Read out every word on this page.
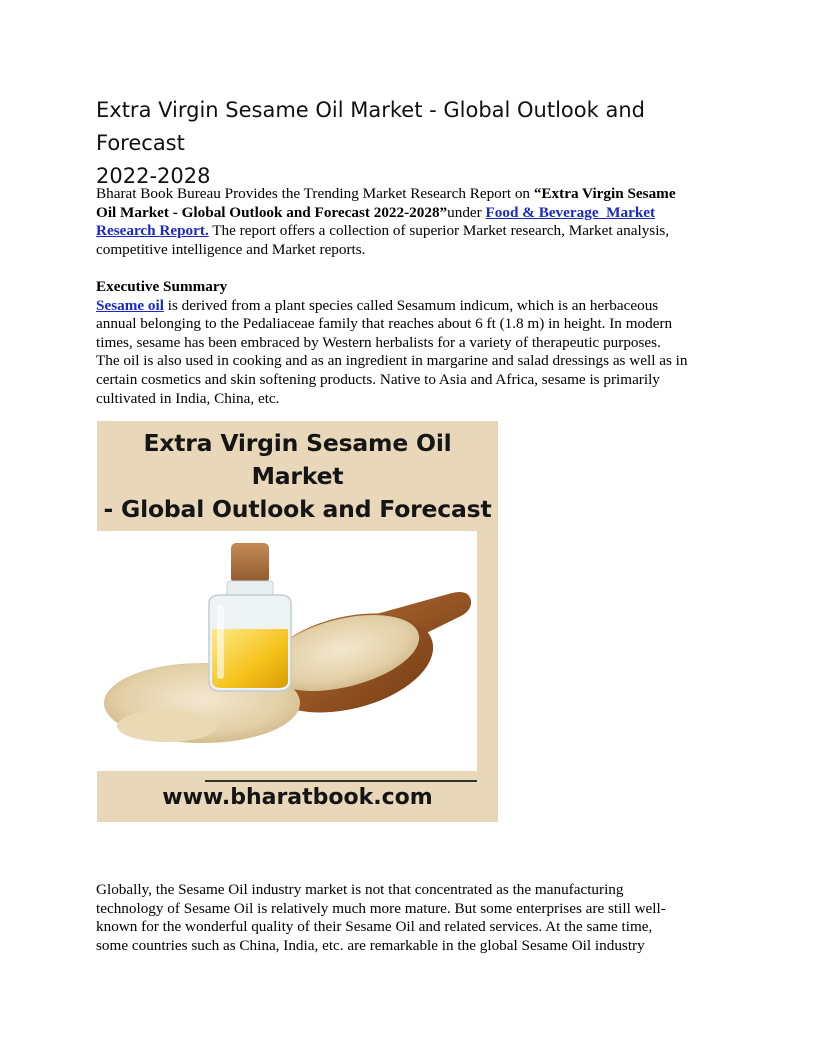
Extra Virgin Sesame Oil Market - Global Outlook and Forecast
2022-2028

Bharat Book Bureau Provides the Trending Market Research Report on “Extra Virgin Sesame
Oil Market - Global Outlook and Forecast 2022-2028”under Food & Beverage  Market
Research Report. The report offers a collection of superior Market research, Market analysis,
competitive intelligence and Market reports.

Executive Summary
Sesame oil is derived from a plant species called Sesamum indicum, which is an herbaceous
annual belonging to the Pedaliaceae family that reaches about 6 ft (1.8 m) in height. In modern
times, sesame has been embraced by Western herbalists for a variety of therapeutic purposes.
The oil is also used in cooking and as an ingredient in margarine and salad dressings as well as in
certain cosmetics and skin softening products. Native to Asia and Africa, sesame is primarily
cultivated in India, China, etc.

Extra Virgin Sesame Oil Market
- Global Outlook and Forecast

www.bharatbook.com

Globally, the Sesame Oil industry market is not that concentrated as the manufacturing
technology of Sesame Oil is relatively much more mature. But some enterprises are still well-
known for the wonderful quality of their Sesame Oil and related services. At the same time,
some countries such as China, India, etc. are remarkable in the global Sesame Oil industry
